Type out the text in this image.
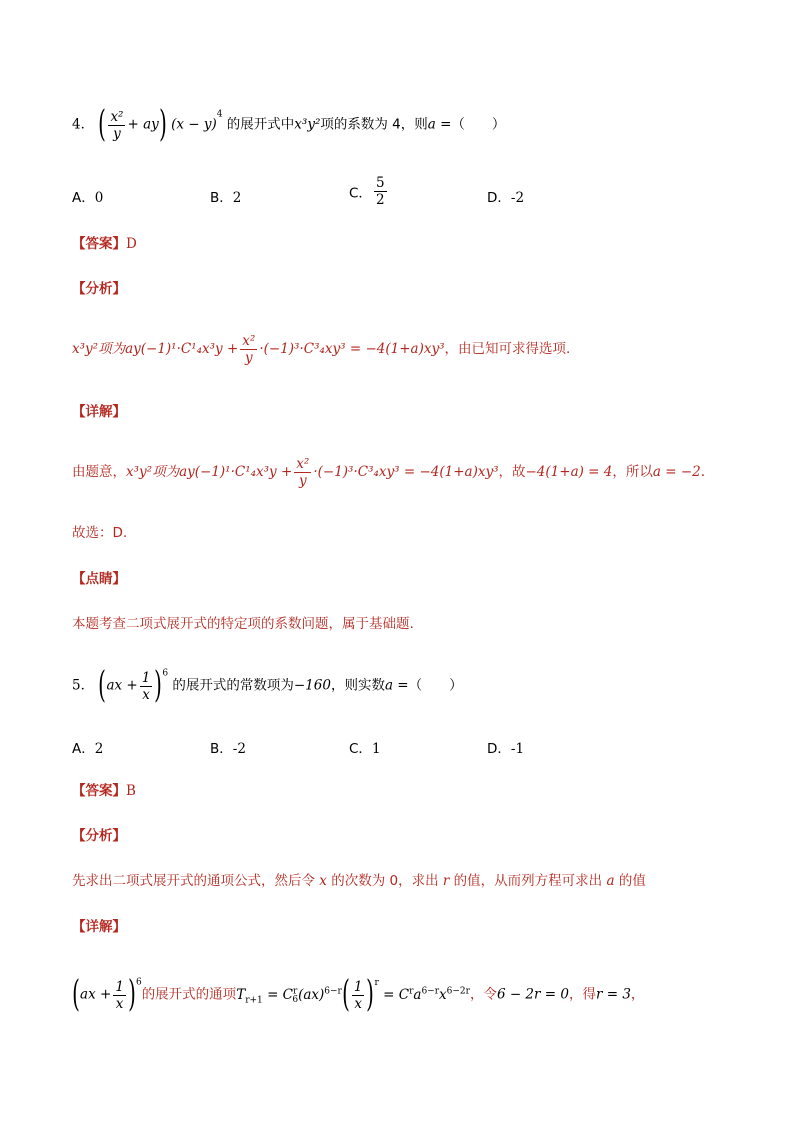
4． ( $\frac{\text{x²}}{y} + ay$) $(x - y)^4$ 的展开式中x³y²项的系数为 4，则a =（　　）
A．0	B．2	C． $\frac{5}{2}$	D．-2
【答案】D
【分析】
x³y²项为$ay(-1)^1\cdot C^1_4x^3y + \frac{\text{x²}}{y} \cdot(-1)^3\cdot C^3_4xy^3 = -4(1+a)xy^3$，由已知可求得选项.
【详解】
由题意，x³y²项为$ay(-1)^1\cdot C^1_4x^3y + \frac{\text{x²}}{y} \cdot(-1)^3\cdot C^3_4xy^3 = -4(1+a)xy^3$，故−4(1+a) = 4，所以a = −2.
故选：D.
【点睛】
本题考查二项式展开式的特定项的系数问题，属于基础题.
5． $(ax + \frac{1}{x} )^6$ 的展开式的常数项为−160，则实数a =（　　）
A．2	B．-2	C．1	D．-1
【答案】B
【分析】
先求出二项式展开式的通项公式，然后令 x 的次数为 0，求出 r 的值，从而列方程可求出 a 的值
【详解】
$(ax + \frac{1}{x} )^6$的展开式的通项$T_{r+1} = C^r_6(ax)^{6-r}( \frac{1}{x} )^r = C^ra^{6-r}x^{6-2r}$，令6 − 2r = 0，得r = 3，
